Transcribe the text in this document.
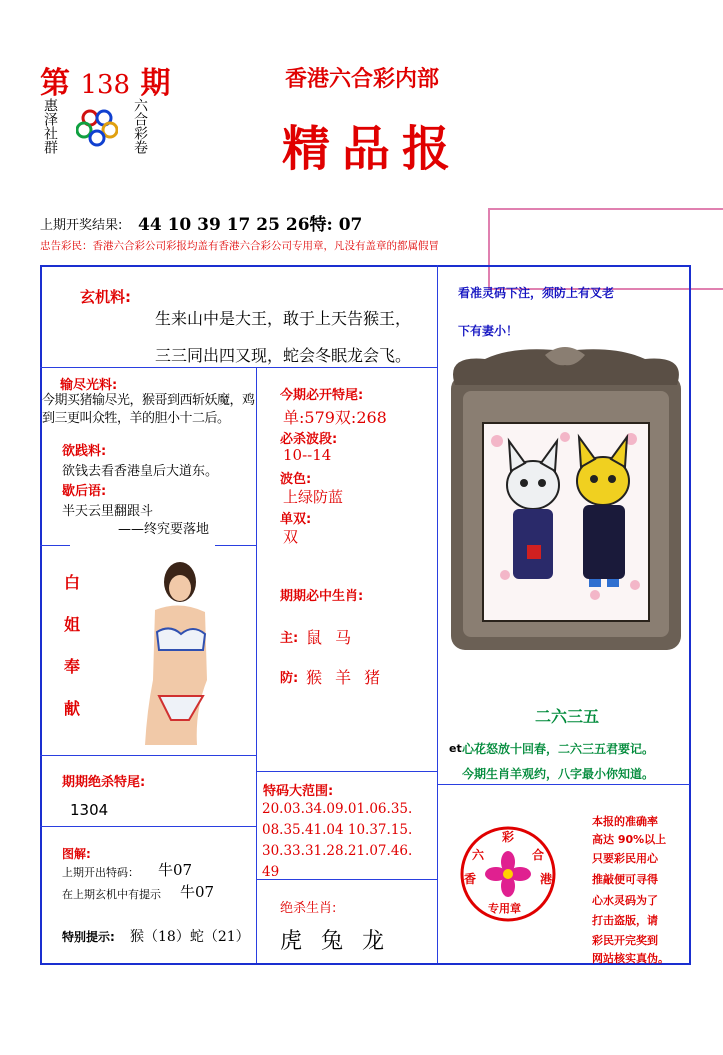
第 138 期
惠泽社群	六合彩卷
香港六合彩内部
精品报
上期开奖结果: 44 10 39 17 25 26特: 07
忠告彩民：香港六合彩公司彩报均盖有香港六合彩公司专用章，凡没有盖章的都属假冒
玄机料:
生来山中是大王，敢于上天告猴王，
三三同出四又现，蛇会冬眠龙会飞。
看准灵码下注，须防上有叉老
下有妻小！
输尽光料:
今期买猪输尽光，猴哥到西斩妖魔，鸡到三更叫众牲，羊的胆小十二后。
欲践料:
欲钱去看香港皇后大道东。
歇后语:
半天云里翻跟斗
——终究要落地
今期必开特尾:
单:579双:268
必杀波段:
10--14
波色:
上绿防蓝
单双:
双
白姐奉献
期期必中生肖:
主: 鼠 马
防: 猴 羊 猪
二六三五
et 心花怒放十回春，二六三五君要记。
今期生肖羊观约，八字最小你知道。
期期绝杀特尾:
1304
特码大范围:
20.03.34.09.01.06.35.
08.35.41.04 10.37.15.
30.33.31.28.21.07.46.
49
彩
六	合
香	港
专用章
本报的准确率
高达 90%以上
只要彩民用心
推敲便可寻得
心水灵码为了
打击盗版，请
彩民开完奖到
网站核实真伪。
图解:
上期开出特码： 牛07
在上期玄机中有提示 牛07
特别提示: 猴（18）蛇（21）
绝杀生肖:
虎 兔 龙
